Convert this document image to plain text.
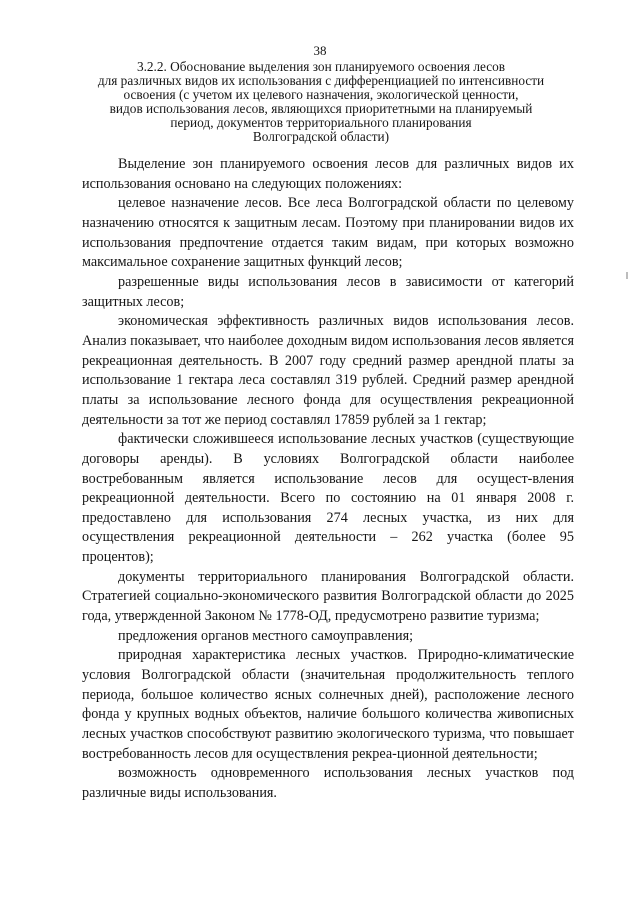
38
3.2.2. Обоснование выделения зон планируемого освоения лесов
для различных видов их использования с дифференциацией по интенсивности
освоения (с учетом их целевого назначения, экологической ценности,
видов использования лесов, являющихся приоритетными на планируемый
период, документов территориального планирования
Волгоградской области)

Выделение зон планируемого освоения лесов для различных видов их использования основано на следующих положениях:

целевое назначение лесов. Все леса Волгоградской области по целевому назначению относятся к защитным лесам. Поэтому при планировании видов их использования предпочтение отдается таким видам, при которых возможно максимальное сохранение защитных функций лесов;

разрешенные виды использования лесов в зависимости от категорий защитных лесов;

экономическая эффективность различных видов использования лесов. Анализ показывает, что наиболее доходным видом использования лесов является рекреационная деятельность. В 2007 году средний размер арендной платы за использование 1 гектара леса составлял 319 рублей. Средний размер арендной платы за использование лесного фонда для осуществления рекреационной деятельности за тот же период составлял 17859 рублей за 1 гектар;

фактически сложившееся использование лесных участков (существующие договоры аренды). В условиях Волгоградской области наиболее востребованным является использование лесов для осущест-вления рекреационной деятельности. Всего по состоянию на 01 января 2008 г. предоставлено для использования 274 лесных участка, из них для осуществления рекреационной деятельности – 262 участка (более 95 процентов);

документы территориального планирования Волгоградской области. Стратегией социально-экономического развития Волгоградской области до 2025 года, утвержденной Законом № 1778-ОД, предусмотрено развитие туризма;

предложения органов местного самоуправления;

природная характеристика лесных участков. Природно-климатические условия Волгоградской области (значительная продолжительность теплого периода, большое количество ясных солнечных дней), расположение лесного фонда у крупных водных объектов, наличие большого количества живописных лесных участков способствуют развитию экологического туризма, что повышает востребованность лесов для осуществления рекреа-ционной деятельности;

возможность одновременного использования лесных участков под различные виды использования.
